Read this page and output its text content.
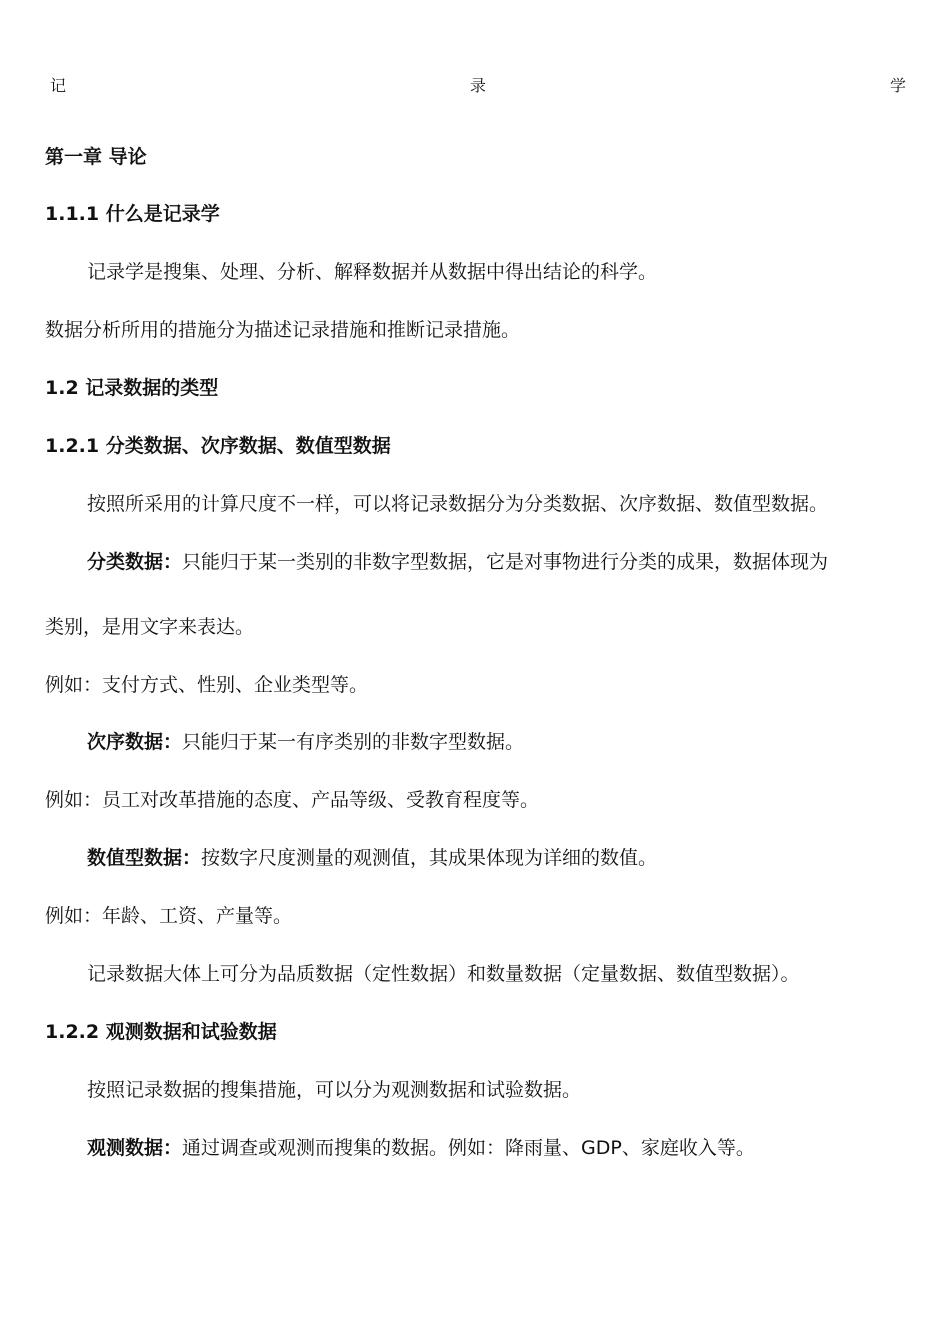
记	录	学
第一章 导论
1.1.1 什么是记录学
记录学是搜集、处理、分析、解释数据并从数据中得出结论的科学。
数据分析所用的措施分为描述记录措施和推断记录措施。
1.2 记录数据的类型
1.2.1 分类数据、次序数据、数值型数据
按照所采用的计算尺度不一样，可以将记录数据分为分类数据、次序数据、数值型数据。
分类数据：只能归于某一类别的非数字型数据，它是对事物进行分类的成果，数据体现为
类别，是用文字来表达。
例如：支付方式、性别、企业类型等。
次序数据：只能归于某一有序类别的非数字型数据。
例如：员工对改革措施的态度、产品等级、受教育程度等。
数值型数据：按数字尺度测量的观测值，其成果体现为详细的数值。
例如：年龄、工资、产量等。
记录数据大体上可分为品质数据（定性数据）和数量数据（定量数据、数值型数据）。
1.2.2 观测数据和试验数据
按照记录数据的搜集措施，可以分为观测数据和试验数据。
观测数据：通过调查或观测而搜集的数据。例如：降雨量、GDP、家庭收入等。
